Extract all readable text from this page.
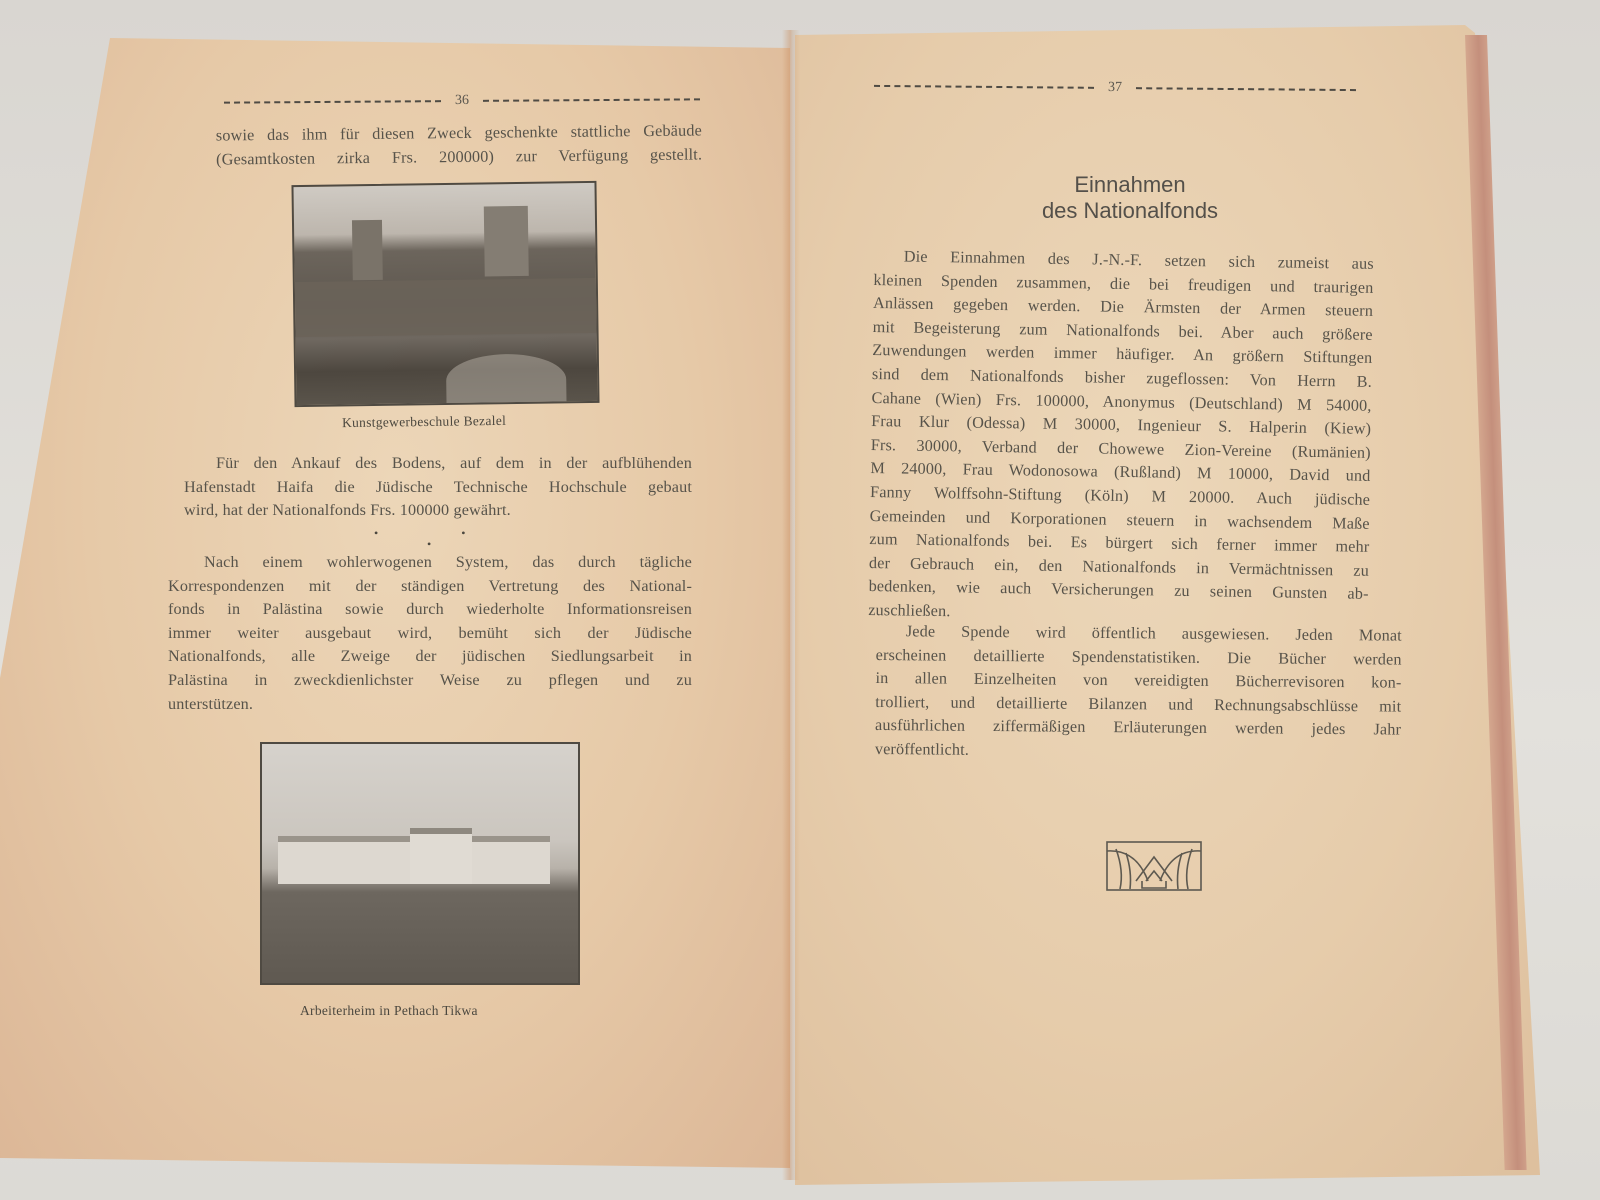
36
sowie das ihm für diesen Zweck geschenkte stattliche Gebäude
(Gesamtkosten zirka Frs. 200000) zur Verfügung gestellt.
Kunstgewerbeschule Bezalel
Für den Ankauf des Bodens, auf dem in der aufblühenden
Hafenstadt Haifa die Jüdische Technische Hochschule gebaut
wird, hat der Nationalfonds Frs. 100000 gewährt.
• •
•
Nach einem wohlerwogenen System, das durch tägliche
Korrespondenzen mit der ständigen Vertretung des National-
fonds in Palästina sowie durch wiederholte Informationsreisen
immer weiter ausgebaut wird, bemüht sich der Jüdische
Nationalfonds, alle Zweige der jüdischen Siedlungsarbeit in
Palästina in zweckdienlichster Weise zu pflegen und zu
unterstützen.
Arbeiterheim in Pethach Tikwa
37
Einnahmen
des Nationalfonds
Die Einnahmen des J.-N.-F. setzen sich zumeist aus
kleinen Spenden zusammen, die bei freudigen und traurigen
Anlässen gegeben werden. Die Ärmsten der Armen steuern
mit Begeisterung zum Nationalfonds bei. Aber auch größere
Zuwendungen werden immer häufiger. An größern Stiftungen
sind dem Nationalfonds bisher zugeflossen: Von Herrn B.
Cahane (Wien) Frs. 100000, Anonymus (Deutschland) M 54000,
Frau Klur (Odessa) M 30000, Ingenieur S. Halperin (Kiew)
Frs. 30000, Verband der Chowewe Zion-Vereine (Rumänien)
M 24000, Frau Wodonosowa (Rußland) M 10000, David und
Fanny Wolffsohn-Stiftung (Köln) M 20000. Auch jüdische
Gemeinden und Korporationen steuern in wachsendem Maße
zum Nationalfonds bei. Es bürgert sich ferner immer mehr
der Gebrauch ein, den Nationalfonds in Vermächtnissen zu
bedenken, wie auch Versicherungen zu seinen Gunsten ab-
zuschließen.
Jede Spende wird öffentlich ausgewiesen. Jeden Monat
erscheinen detaillierte Spendenstatistiken. Die Bücher werden
in allen Einzelheiten von vereidigten Bücherrevisoren kon-
trolliert, und detaillierte Bilanzen und Rechnungsabschlüsse mit
ausführlichen ziffermäßigen Erläuterungen werden jedes Jahr
veröffentlicht.
